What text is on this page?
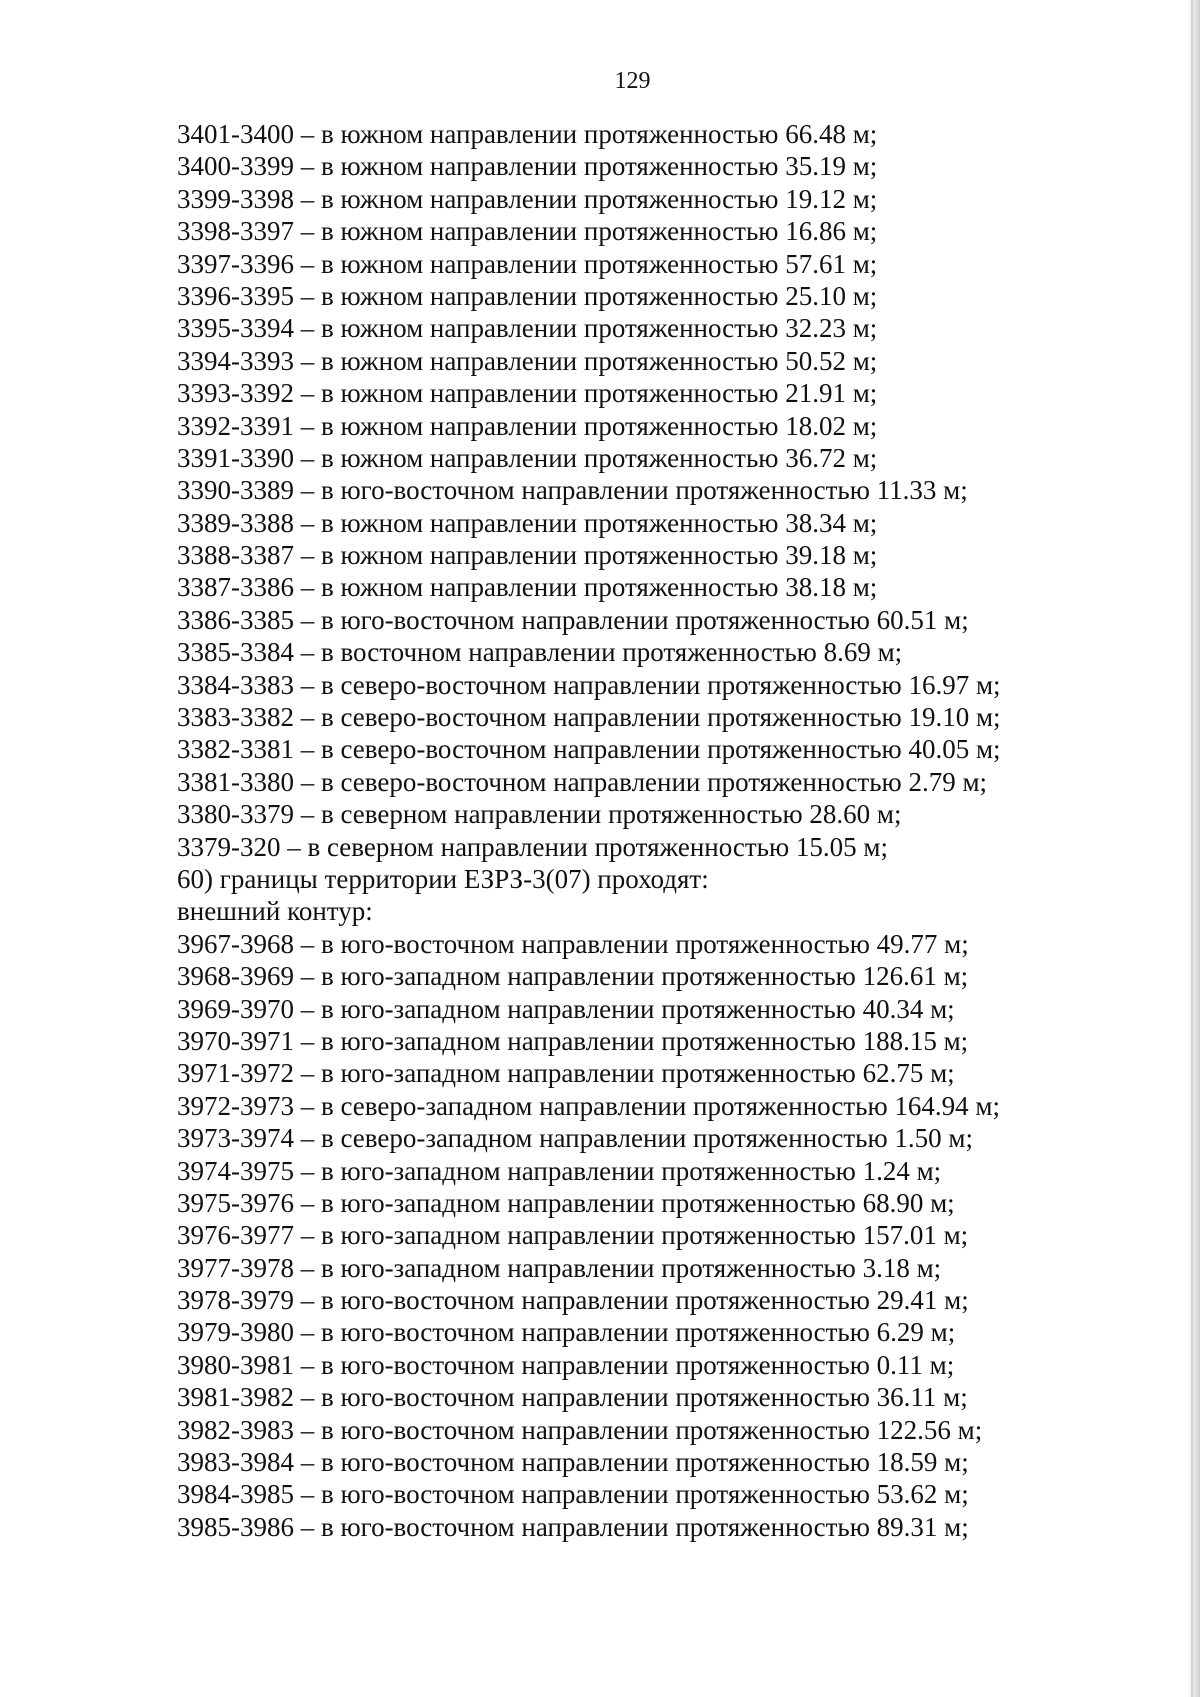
129
3401-3400 – в южном направлении протяженностью 66.48 м;
3400-3399 – в южном направлении протяженностью 35.19 м;
3399-3398 – в южном направлении протяженностью 19.12 м;
3398-3397 – в южном направлении протяженностью 16.86 м;
3397-3396 – в южном направлении протяженностью 57.61 м;
3396-3395 – в южном направлении протяженностью 25.10 м;
3395-3394 – в южном направлении протяженностью 32.23 м;
3394-3393 – в южном направлении протяженностью 50.52 м;
3393-3392 – в южном направлении протяженностью 21.91 м;
3392-3391 – в южном направлении протяженностью 18.02 м;
3391-3390 – в южном направлении протяженностью 36.72 м;
3390-3389 – в юго-восточном направлении протяженностью 11.33 м;
3389-3388 – в южном направлении протяженностью 38.34 м;
3388-3387 – в южном направлении протяженностью 39.18 м;
3387-3386 – в южном направлении протяженностью 38.18 м;
3386-3385 – в юго-восточном направлении протяженностью 60.51 м;
3385-3384 – в восточном направлении протяженностью 8.69 м;
3384-3383 – в северо-восточном направлении протяженностью 16.97 м;
3383-3382 – в северо-восточном направлении протяженностью 19.10 м;
3382-3381 – в северо-восточном направлении протяженностью 40.05 м;
3381-3380 – в северо-восточном направлении протяженностью 2.79 м;
3380-3379 – в северном направлении протяженностью 28.60 м;
3379-320 – в северном направлении протяженностью 15.05 м;
60) границы территории ЕЗРЗ-3(07) проходят:
внешний контур:
3967-3968 – в юго-восточном направлении протяженностью 49.77 м;
3968-3969 – в юго-западном направлении протяженностью 126.61 м;
3969-3970 – в юго-западном направлении протяженностью 40.34 м;
3970-3971 – в юго-западном направлении протяженностью 188.15 м;
3971-3972 – в юго-западном направлении протяженностью 62.75 м;
3972-3973 – в северо-западном направлении протяженностью 164.94 м;
3973-3974 – в северо-западном направлении протяженностью 1.50 м;
3974-3975 – в юго-западном направлении протяженностью 1.24 м;
3975-3976 – в юго-западном направлении протяженностью 68.90 м;
3976-3977 – в юго-западном направлении протяженностью 157.01 м;
3977-3978 – в юго-западном направлении протяженностью 3.18 м;
3978-3979 – в юго-восточном направлении протяженностью 29.41 м;
3979-3980 – в юго-восточном направлении протяженностью 6.29 м;
3980-3981 – в юго-восточном направлении протяженностью 0.11 м;
3981-3982 – в юго-восточном направлении протяженностью 36.11 м;
3982-3983 – в юго-восточном направлении протяженностью 122.56 м;
3983-3984 – в юго-восточном направлении протяженностью 18.59 м;
3984-3985 – в юго-восточном направлении протяженностью 53.62 м;
3985-3986 – в юго-восточном направлении протяженностью 89.31 м;
